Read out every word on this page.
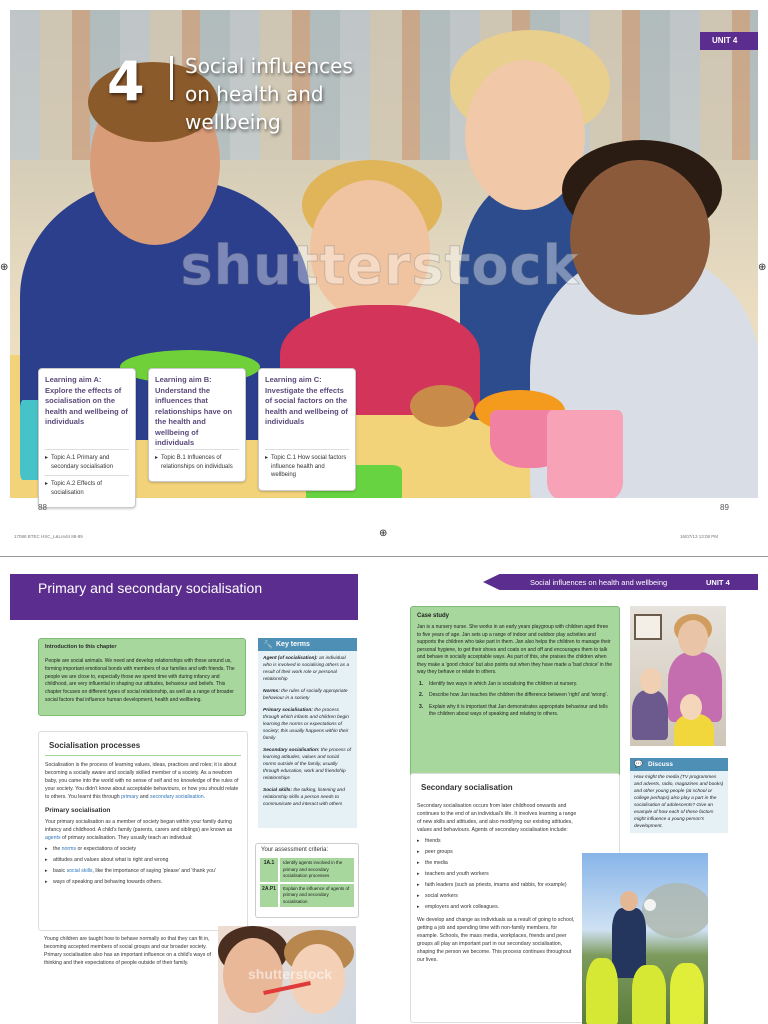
shutterstock
4 Social influences on health and wellbeing
UNIT 4
Learning aim A: Explore the effects of socialisation on the health and wellbeing of individuals
▸ Topic A.1 Primary and secondary socialisation
▸ Topic A.2 Effects of socialisation
Learning aim B: Understand the influences that relationships have on the health and wellbeing of individuals
▸ Topic B.1 Influences of relationships on individuals
Learning aim C: Investigate the effects of social factors on the health and wellbeing of individuals
▸ Topic C.1 How social factors influence health and wellbeing
88	89
17088 BTEC HSC_L&Lred4 88-89	16/07/13 13:08 PM
⊕	⊕
⊕
Primary and secondary socialisation	Social influences on health and wellbeing	UNIT 4
Introduction to this chapter
People are social animals. We need and develop relationships with those around us, forming important emotional bonds with members of our families and with friends. The people we are close to, especially those we spend time with during infancy and childhood, are very influential in shaping our attitudes, behaviour and beliefs. This chapter focuses on different types of social relationship, as well as a range of broader social factors that influence human development, health and wellbeing.
🔧 Key terms
Agent (of socialisation): an individual who is involved in socialising others as a result of their work role or personal relationship
Norms: the rules of socially appropriate behaviour in a society
Primary socialisation: the process through which infants and children begin learning the norms or expectations of society; this usually happens within their family
Secondary socialisation: the process of learning attitudes, values and social norms outside of the family, usually through education, work and friendship relationships
Social skills: the talking, listening and relationship skills a person needs to communicate and interact with others
Your assessment criteria:
1A.1	Identify agents involved in the primary and secondary socialisation processes
2A.P1	Explain the influence of agents of primary and secondary socialisation
Socialisation processes
Socialisation is the process of learning values, ideas, practices and roles; it is about becoming a socially aware and socially skilled member of a society. As a newborn baby, you came into the world with no sense of self and no knowledge of the rules of your society. You didn't know about acceptable behaviours, or how you should relate to others. You learnt this through primary and secondary socialisation.
Primary socialisation
Your primary socialisation as a member of society began within your family during infancy and childhood. A child's family (parents, carers and siblings) are known as agents of primary socialisation. They usually teach an individual:
▸ the norms or expectations of society
▸ attitudes and values about what is right and wrong
▸ basic social skills, like the importance of saying 'please' and 'thank you'
▸ ways of speaking and behaving towards others.
Young children are taught how to behave normally so that they can fit in, becoming accepted members of social groups and our broader society. Primary socialisation also has an important influence on a child's ways of thinking and their expectations of people outside of their family.
shutterstock
Case study
Jan is a nursery nurse. She works in an early years playgroup with children aged three to five years of age. Jan sets up a range of indoor and outdoor play activities and supports the children who take part in them. Jan also helps the children to manage their personal hygiene, to get their shoes and coats on and off and encourages them to talk and behave in socially acceptable ways. As part of this, she praises the children when they make a 'good choice' but also points out when they have made a 'bad choice' in the way they behave or relate to others.
1. Identify two ways in which Jan is socialising the children at nursery.
2. Describe how Jan teaches the children the difference between 'right' and 'wrong'.
3. Explain why it is important that Jan demonstrates appropriate behaviour and tells the children about ways of speaking and relating to others.
💬 Discuss
How might the media (TV programmes and adverts, radio, magazines and books) and other young people (at school or college perhaps) also play a part in the socialisation of adolescents? Give an example of how each of these factors might influence a young person's development.
Secondary socialisation
Secondary socialisation occurs from later childhood onwards and continues to the end of an individual's life. It involves learning a range of new skills and attitudes, and also modifying our existing attitudes, values and behaviours. Agents of secondary socialisation include:
▸ friends
▸ peer groups
▸ the media
▸ teachers and youth workers
▸ faith leaders (such as priests, imams and rabbis, for example)
▸ social workers
▸ employers and work colleagues.
We develop and change as individuals as a result of going to school, getting a job and spending time with non-family members, for example. Schools, the mass media, workplaces, friends and peer groups all play an important part in our secondary socialisation, shaping the person we become. This process continues throughout our lives.
